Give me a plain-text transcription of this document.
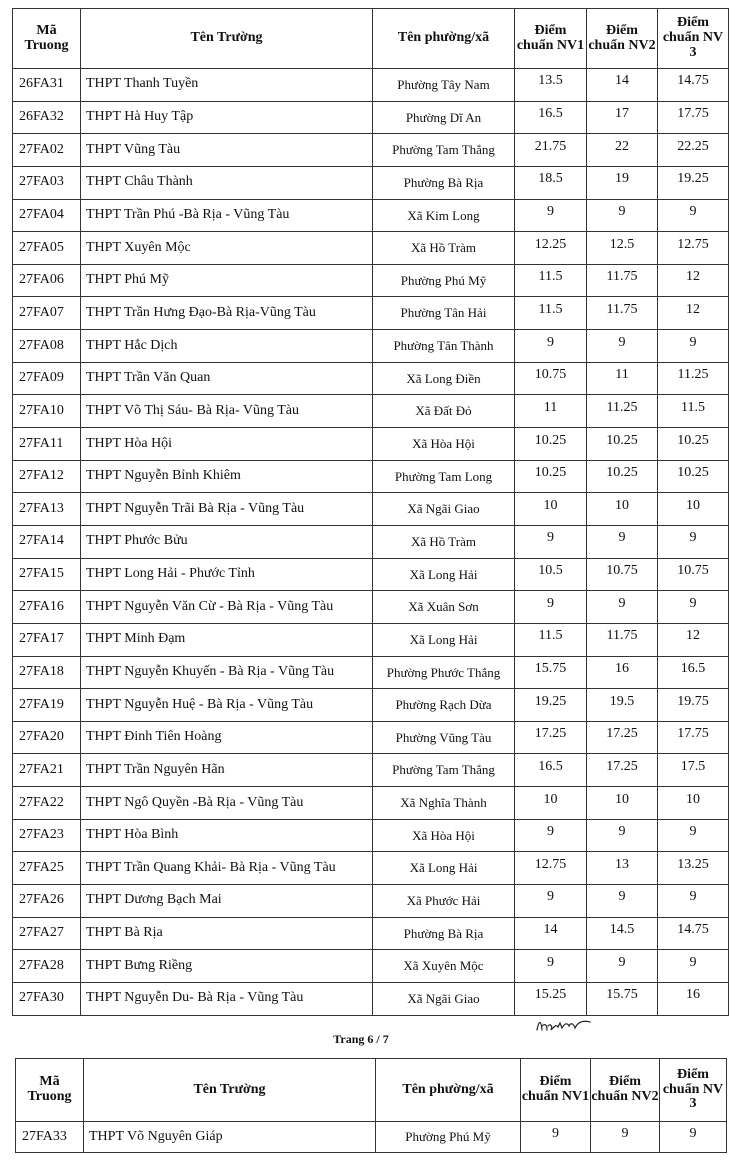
Mã Truong	Tên Trường	Tên phường/xã	Điểm chuẩn NV1	Điểm chuẩn NV2	Điểm chuẩn NV 3
26FA31	THPT Thanh Tuyền	Phường Tây Nam	13.5	14	14.75
26FA32	THPT Hà Huy Tập	Phường Dĩ An	16.5	17	17.75
27FA02	THPT Vũng Tàu	Phường Tam Thắng	21.75	22	22.25
27FA03	THPT Châu Thành	Phường Bà Rịa	18.5	19	19.25
27FA04	THPT Trần Phú -Bà Rịa - Vũng Tàu	Xã Kim Long	9	9	9
27FA05	THPT Xuyên Mộc	Xã Hồ Tràm	12.25	12.5	12.75
27FA06	THPT Phú Mỹ	Phường Phú Mỹ	11.5	11.75	12
27FA07	THPT Trần Hưng Đạo-Bà Rịa-Vũng Tàu	Phường Tân Hải	11.5	11.75	12
27FA08	THPT Hắc Dịch	Phường Tân Thành	9	9	9
27FA09	THPT Trần Văn Quan	Xã Long Điền	10.75	11	11.25
27FA10	THPT Võ Thị Sáu- Bà Rịa- Vũng Tàu	Xã Đất Đỏ	11	11.25	11.5
27FA11	THPT Hòa Hội	Xã Hòa Hội	10.25	10.25	10.25
27FA12	THPT Nguyễn Bỉnh Khiêm	Phường Tam Long	10.25	10.25	10.25
27FA13	THPT Nguyễn Trãi Bà Rịa - Vũng Tàu	Xã Ngãi Giao	10	10	10
27FA14	THPT Phước Bửu	Xã Hồ Tràm	9	9	9
27FA15	THPT Long Hải - Phước Tỉnh	Xã Long Hải	10.5	10.75	10.75
27FA16	THPT Nguyễn Văn Cừ - Bà Rịa - Vũng Tàu	Xã Xuân Sơn	9	9	9
27FA17	THPT Minh Đạm	Xã Long Hải	11.5	11.75	12
27FA18	THPT Nguyễn Khuyến - Bà Rịa - Vũng Tàu	Phường Phước Thắng	15.75	16	16.5
27FA19	THPT Nguyễn Huệ - Bà Rịa - Vũng Tàu	Phường Rạch Dừa	19.25	19.5	19.75
27FA20	THPT Đinh Tiên Hoàng	Phường Vũng Tàu	17.25	17.25	17.75
27FA21	THPT Trần Nguyên Hãn	Phường Tam Thắng	16.5	17.25	17.5
27FA22	THPT Ngô Quyền -Bà Rịa - Vũng Tàu	Xã Nghĩa Thành	10	10	10
27FA23	THPT Hòa Bình	Xã Hòa Hội	9	9	9
27FA25	THPT Trần Quang Khải- Bà Rịa - Vũng Tàu	Xã Long Hải	12.75	13	13.25
27FA26	THPT Dương Bạch Mai	Xã Phước Hải	9	9	9
27FA27	THPT Bà Rịa	Phường Bà Rịa	14	14.5	14.75
27FA28	THPT Bưng Riềng	Xã Xuyên Mộc	9	9	9
27FA30	THPT Nguyễn Du- Bà Rịa - Vũng Tàu	Xã Ngãi Giao	15.25	15.75	16
Trang 6 / 7
Mã Truong	Tên Trường	Tên phường/xã	Điểm chuẩn NV1	Điểm chuẩn NV2	Điểm chuẩn NV 3
27FA33	THPT Võ Nguyên Giáp	Phường Phú Mỹ	9	9	9
